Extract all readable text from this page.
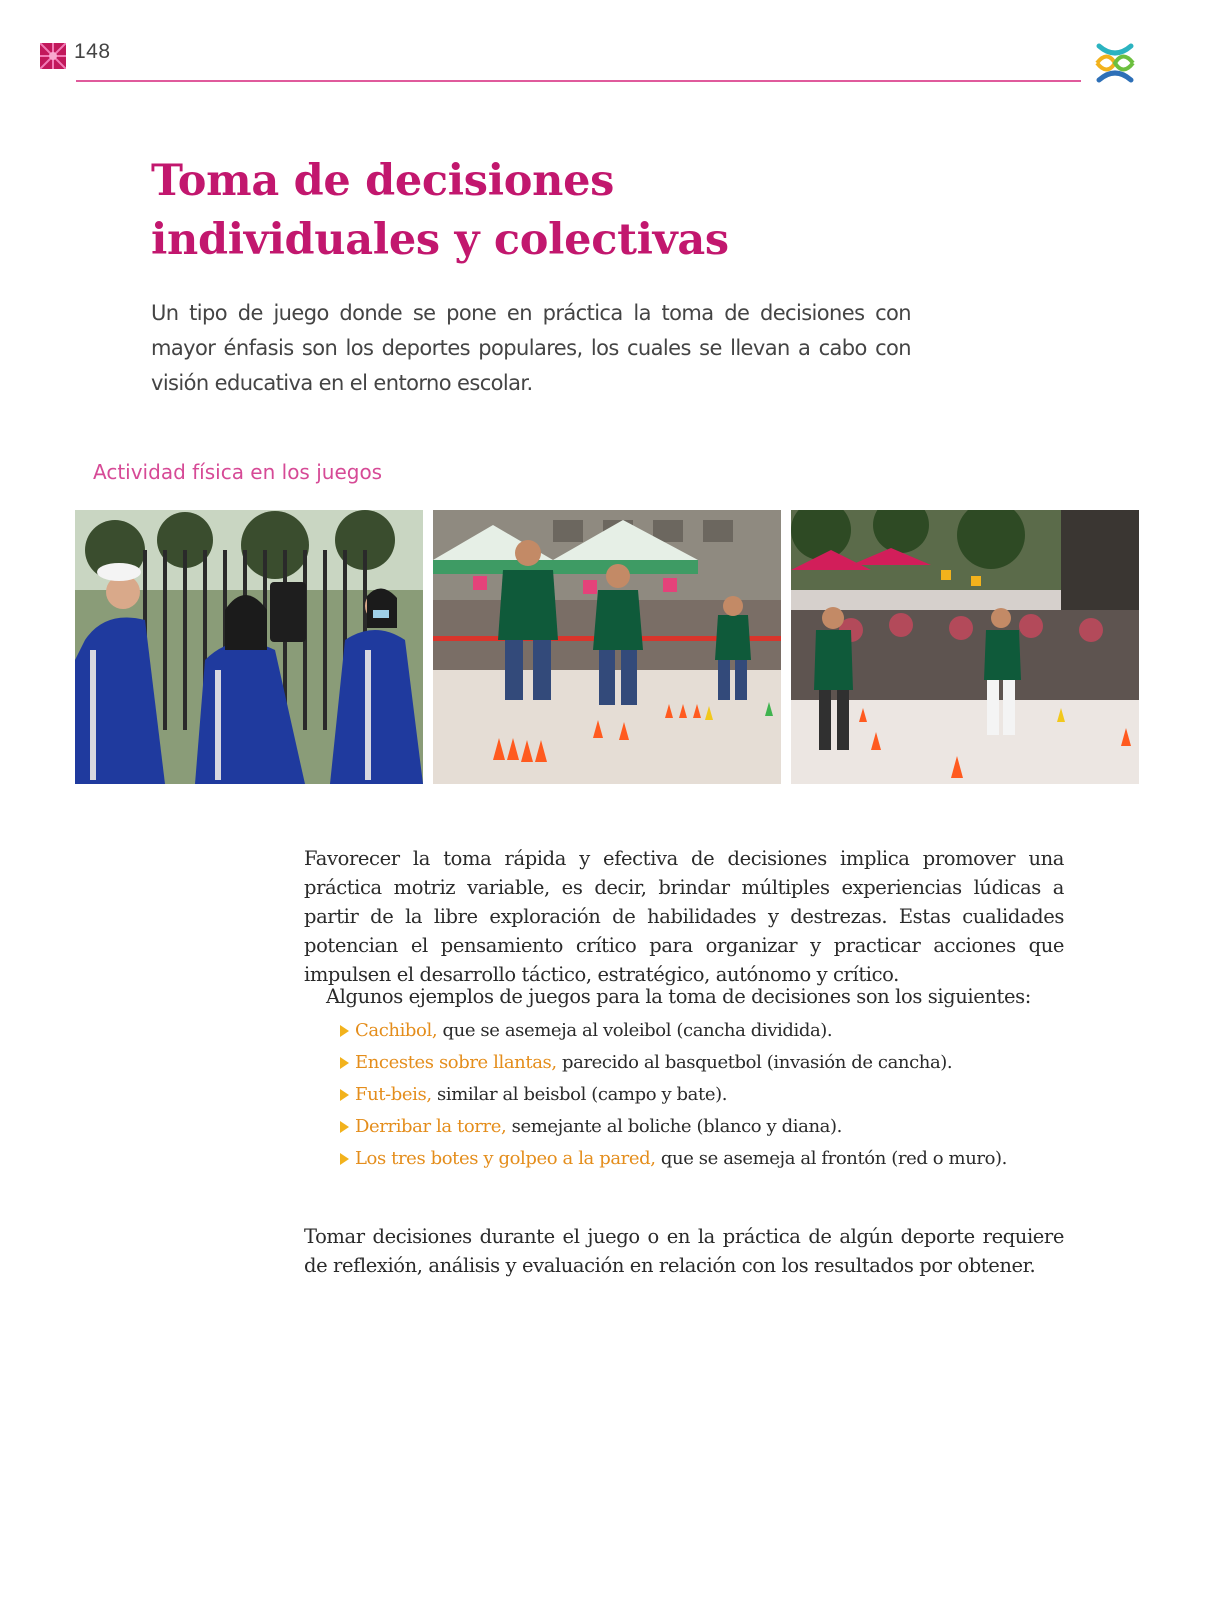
148
Toma de decisiones
individuales y colectivas

Un tipo de juego donde se pone en práctica la toma de decisiones con mayor énfasis son los deportes populares, los cuales se llevan a cabo con visión educativa en el entorno escolar.

Actividad física en los juegos

Favorecer la toma rápida y efectiva de decisiones implica promover una práctica motriz variable, es decir, brindar múltiples experiencias lúdicas a partir de la libre exploración de habilidades y destrezas. Estas cualidades potencian el pensamiento crítico para organizar y practicar acciones que impulsen el desarrollo táctico, estratégico, autónomo y crítico.

Algunos ejemplos de juegos para la toma de decisiones son los siguientes:

Cachibol, que se asemeja al voleibol (cancha dividida).
Encestes sobre llantas, parecido al basquetbol (invasión de cancha).
Fut-beis, similar al beisbol (campo y bate).
Derribar la torre, semejante al boliche (blanco y diana).
Los tres botes y golpeo a la pared, que se asemeja al frontón (red o muro).

Tomar decisiones durante el juego o en la práctica de algún deporte requiere de reflexión, análisis y evaluación en relación con los resultados por obtener.
